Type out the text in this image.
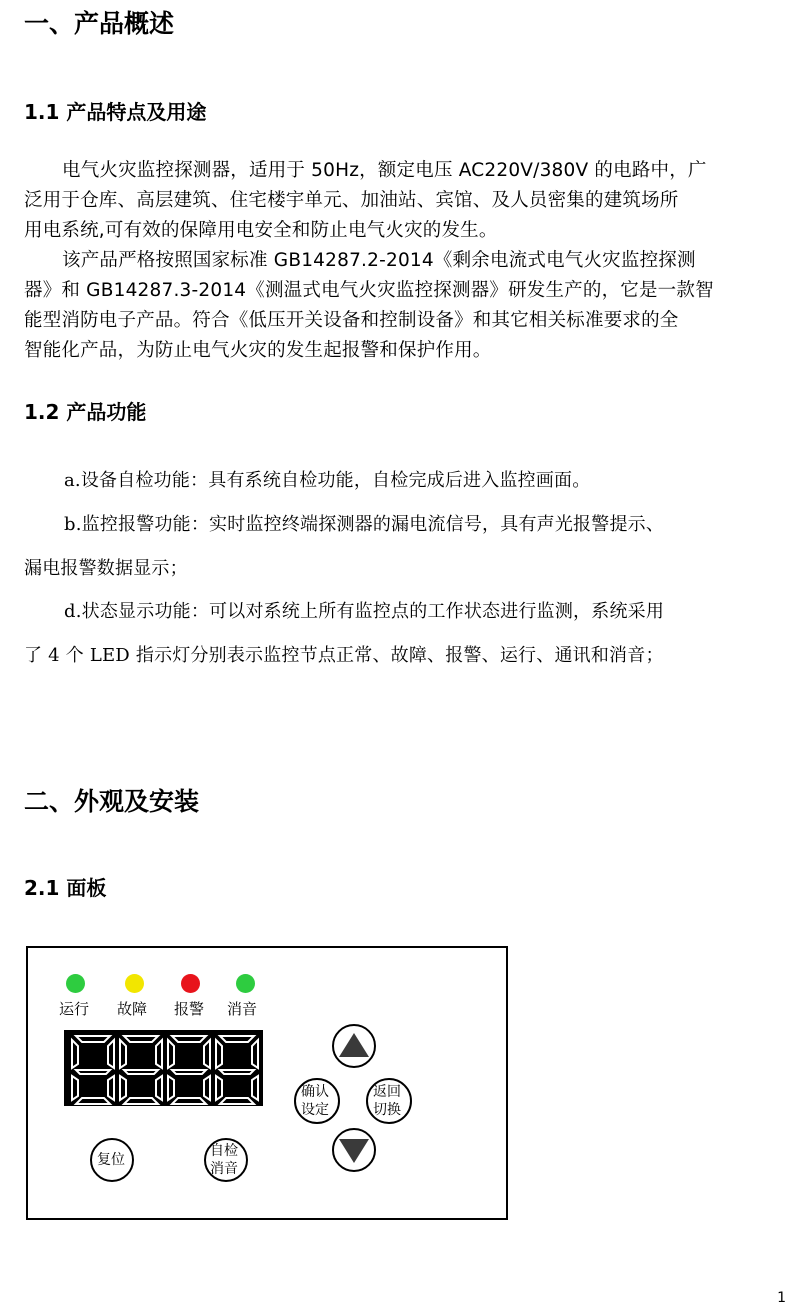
一、产品概述
1.1 产品特点及用途
电气火灾监控探测器，适用于 50Hz，额定电压 AC220V/380V 的电路中，广
泛用于仓库、高层建筑、住宅楼宇单元、加油站、宾馆、及人员密集的建筑场所
用电系统,可有效的保障用电安全和防止电气火灾的发生。
该产品严格按照国家标准 GB14287.2-2014《剩余电流式电气火灾监控探测
器》和 GB14287.3-2014《测温式电气火灾监控探测器》研发生产的，它是一款智
能型消防电子产品。符合《低压开关设备和控制设备》和其它相关标准要求的全
智能化产品，为防止电气火灾的发生起报警和保护作用。
1.2 产品功能
a.设备自检功能：具有系统自检功能，自检完成后进入监控画面。
b.监控报警功能：实时监控终端探测器的漏电流信号，具有声光报警提示、
漏电报警数据显示；
d.状态显示功能：可以对系统上所有监控点的工作状态进行监测，系统采用
了 4 个 LED 指示灯分别表示监控节点正常、故障、报警、运行、通讯和消音；
二、外观及安装
2.1 面板
运行 故障 报警 消音
确认
设定
返回
切换
复位
自检
消音
1
